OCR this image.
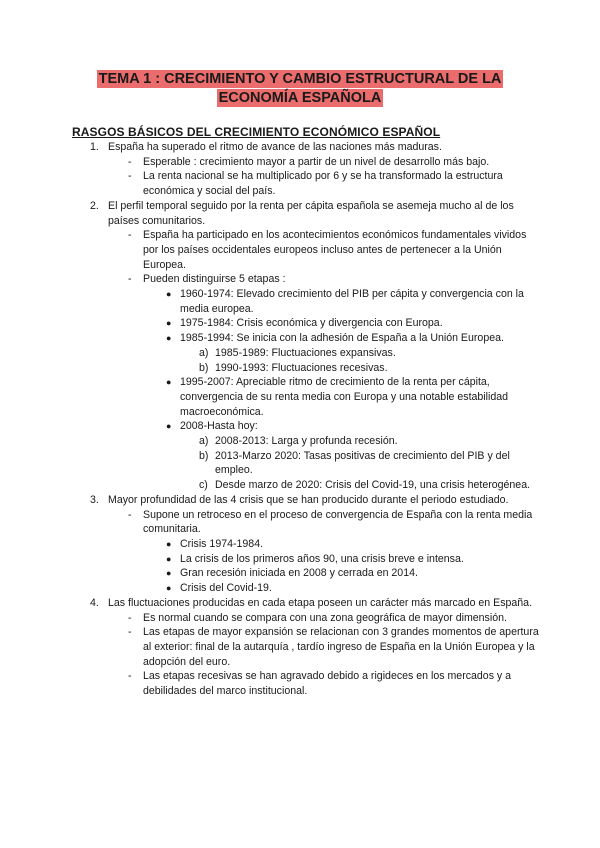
TEMA 1 : CRECIMIENTO Y CAMBIO ESTRUCTURAL DE LA
ECONOMÍA ESPAÑOLA
RASGOS BÁSICOS DEL CRECIMIENTO ECONÓMICO ESPAÑOL
1. España ha superado el ritmo de avance de las naciones más maduras.
- Esperable : crecimiento mayor a partir de un nivel de desarrollo más bajo.
- La renta nacional se ha multiplicado por 6 y se ha transformado la estructura económica y social del país.
2. El perfil temporal seguido por la renta per cápita española se asemeja mucho al de los países comunitarios.
- España ha participado en los acontecimientos económicos fundamentales vividos por los países occidentales europeos incluso antes de pertenecer a la Unión Europea.
- Pueden distinguirse 5 etapas :
● 1960-1974: Elevado crecimiento del PIB per cápita y convergencia con la media europea.
● 1975-1984: Crisis económica y divergencia con Europa.
● 1985-1994: Se inicia con la adhesión de España a la Unión Europea.
a) 1985-1989: Fluctuaciones expansivas.
b) 1990-1993: Fluctuaciones recesivas.
● 1995-2007: Apreciable ritmo de crecimiento de la renta per cápita, convergencia de su renta media con Europa y una notable estabilidad macroeconómica.
● 2008-Hasta hoy:
a) 2008-2013: Larga y profunda recesión.
b) 2013-Marzo 2020: Tasas positivas de crecimiento del PIB y del empleo.
c) Desde marzo de 2020: Crisis del Covid-19, una crisis heterogénea.
3. Mayor profundidad de las 4 crisis que se han producido durante el periodo estudiado.
- Supone un retroceso en el proceso de convergencia de España con la renta media comunitaria.
● Crisis 1974-1984.
● La crisis de los primeros años 90, una crisis breve e intensa.
● Gran recesión iniciada en 2008 y cerrada en 2014.
● Crisis del Covid-19.
4. Las fluctuaciones producidas en cada etapa poseen un carácter más marcado en España.
- Es normal cuando se compara con una zona geográfica de mayor dimensión.
- Las etapas de mayor expansión se relacionan con 3 grandes momentos de apertura al exterior: final de la autarquía , tardío ingreso de España en la Unión Europea y la adopción del euro.
- Las etapas recesivas se han agravado debido a rigideces en los mercados y a debilidades del marco institucional.
